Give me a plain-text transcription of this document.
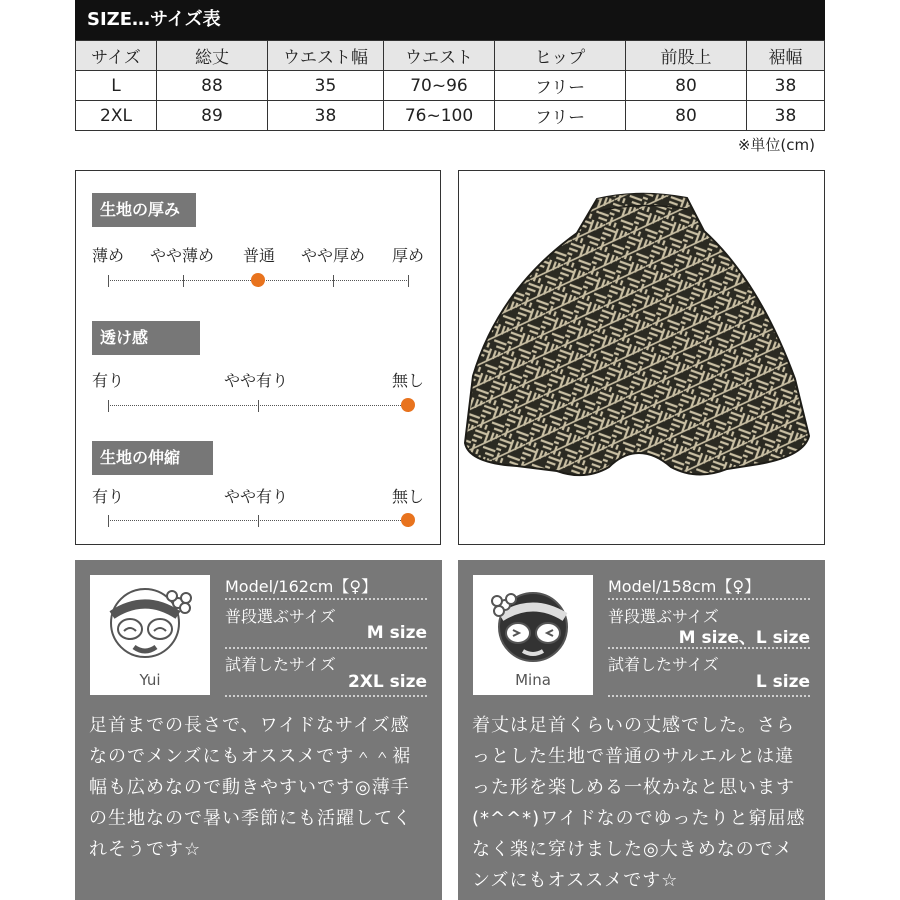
SIZE…サイズ表
サイズ	総丈	ウエスト幅	ウエスト	ヒップ	前股上	裾幅
L	88	35	70~96	フリー	80	38
2XL	89	38	76~100	フリー	80	38
※単位(cm)
生地の厚み
薄め やや薄め 普通 やや厚め 厚め
透け感
有り	やや有り	無し
生地の伸縮
有り	やや有り	無し
Yui
Model/162cm【♀】
普段選ぶサイズ
M size
試着したサイズ
2XL size
足首までの長さで、ワイドなサイズ感なのでメンズにもオススメです＾＾裾幅も広めなので動きやすいです◎薄手の生地なので暑い季節にも活躍してくれそうです☆
Mina
Model/158cm【♀】
普段選ぶサイズ
M size、L size
試着したサイズ
L size
着丈は足首くらいの丈感でした。さらっとした生地で普通のサルエルとは違った形を楽しめる一枚かなと思います(*^^*)ワイドなのでゆったりと窮屈感なく楽に穿けました◎大きめなのでメンズにもオススメです☆
